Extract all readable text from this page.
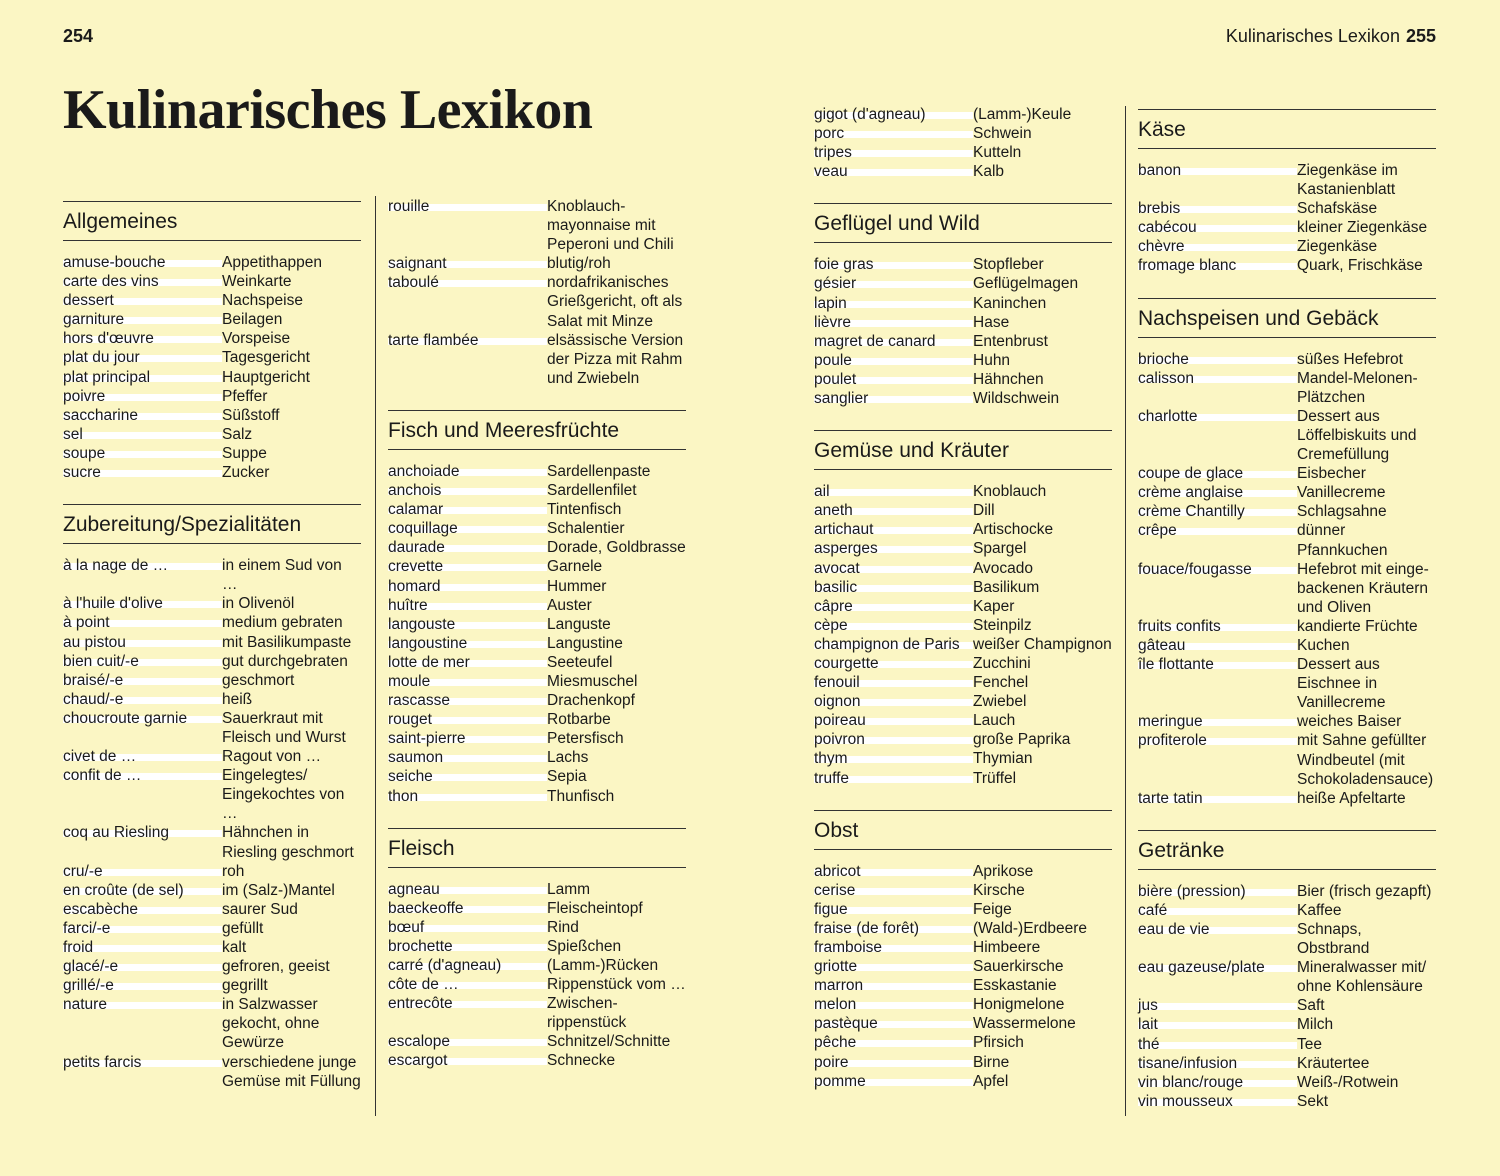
254	Kulinarisches Lexikon 255
Kulinarisches Lexikon
Allgemeines
amuse-bouche	Appetithappen
carte des vins	Weinkarte
dessert	Nachspeise
garniture	Beilagen
hors d'œuvre	Vorspeise
plat du jour	Tagesgericht
plat principal	Hauptgericht
poivre	Pfeffer
saccharine	Süßstoff
sel	Salz
soupe	Suppe
sucre	Zucker
Zubereitung/Spezialitäten
à la nage de …	in einem Sud von …
à l'huile d'olive	in Olivenöl
à point	medium gebraten
au pistou	mit Basilikumpaste
bien cuit/-e	gut durchgebraten
braisé/-e	geschmort
chaud/-e	heiß
choucroute garnie	Sauerkraut mit Fleisch und Wurst
civet de …	Ragout von …
confit de …	Eingelegtes/ Eingekochtes von …
coq au Riesling	Hähnchen in Riesling geschmort
cru/-e	roh
en croûte (de sel)	im (Salz-)Mantel
escabèche	saurer Sud
farci/-e	gefüllt
froid	kalt
glacé/-e	gefroren, geeist
grillé/-e	gegrillt
nature	in Salzwasser gekocht, ohne Gewürze
petits farcis	verschiedene junge Gemüse mit Füllung
rouille	Knoblauch-mayonnaise mit Peperoni und Chili
saignant	blutig/roh
taboulé	nordafrikanisches Grießgericht, oft als Salat mit Minze
tarte flambée	elsässische Version der Pizza mit Rahm und Zwiebeln
Fisch und Meeresfrüchte
anchoiade	Sardellenpaste
anchois	Sardellenfilet
calamar	Tintenfisch
coquillage	Schalentier
daurade	Dorade, Goldbrasse
crevette	Garnele
homard	Hummer
huître	Auster
langouste	Languste
langoustine	Langustine
lotte de mer	Seeteufel
moule	Miesmuschel
rascasse	Drachenkopf
rouget	Rotbarbe
saint-pierre	Petersfisch
saumon	Lachs
seiche	Sepia
thon	Thunfisch
Fleisch
agneau	Lamm
baeckeoffe	Fleischeintopf
bœuf	Rind
brochette	Spießchen
carré (d'agneau)	(Lamm-)Rücken
côte de …	Rippenstück vom …
entrecôte	Zwischen-rippenstück
escalope	Schnitzel/Schnitte
escargot	Schnecke
gigot (d'agneau)	(Lamm-)Keule
porc	Schwein
tripes	Kutteln
veau	Kalb
Geflügel und Wild
foie gras	Stopfleber
gésier	Geflügelmagen
lapin	Kaninchen
lièvre	Hase
magret de canard	Entenbrust
poule	Huhn
poulet	Hähnchen
sanglier	Wildschwein
Gemüse und Kräuter
ail	Knoblauch
aneth	Dill
artichaut	Artischocke
asperges	Spargel
avocat	Avocado
basilic	Basilikum
câpre	Kaper
cèpe	Steinpilz
champignon de Paris weißer Champignon
courgette	Zucchini
fenouil	Fenchel
oignon	Zwiebel
poireau	Lauch
poivron	große Paprika
thym	Thymian
truffe	Trüffel
Obst
abricot	Aprikose
cerise	Kirsche
figue	Feige
fraise (de forêt)	(Wald-)Erdbeere
framboise	Himbeere
griotte	Sauerkirsche
marron	Esskastanie
melon	Honigmelone
pastèque	Wassermelone
pêche	Pfirsich
poire	Birne
pomme	Apfel
Käse
banon	Ziegenkäse im Kastanienblatt
brebis	Schafskäse
cabécou	kleiner Ziegenkäse
chèvre	Ziegenkäse
fromage blanc	Quark, Frischkäse
Nachspeisen und Gebäck
brioche	süßes Hefebrot
calisson	Mandel-Melonen-Plätzchen
charlotte	Dessert aus Löffelbiskuits und Cremefüllung
coupe de glace	Eisbecher
crème anglaise	Vanillecreme
crème Chantilly	Schlagsahne
crêpe	dünner Pfannkuchen
fouace/fougasse	Hefebrot mit einge-backenen Kräutern und Oliven
fruits confits	kandierte Früchte
gâteau	Kuchen
île flottante	Dessert aus Eischnee in Vanillecreme
meringue	weiches Baiser
profiterole	mit Sahne gefüllter Windbeutel (mit Schokoladensauce)
tarte tatin	heiße Apfeltarte
Getränke
bière (pression)	Bier (frisch gezapft)
café	Kaffee
eau de vie	Schnaps, Obstbrand
eau gazeuse/plate	Mineralwasser mit/ ohne Kohlensäure
jus	Saft
lait	Milch
thé	Tee
tisane/infusion	Kräutertee
vin blanc/rouge	Weiß-/Rotwein
vin mousseux	Sekt
